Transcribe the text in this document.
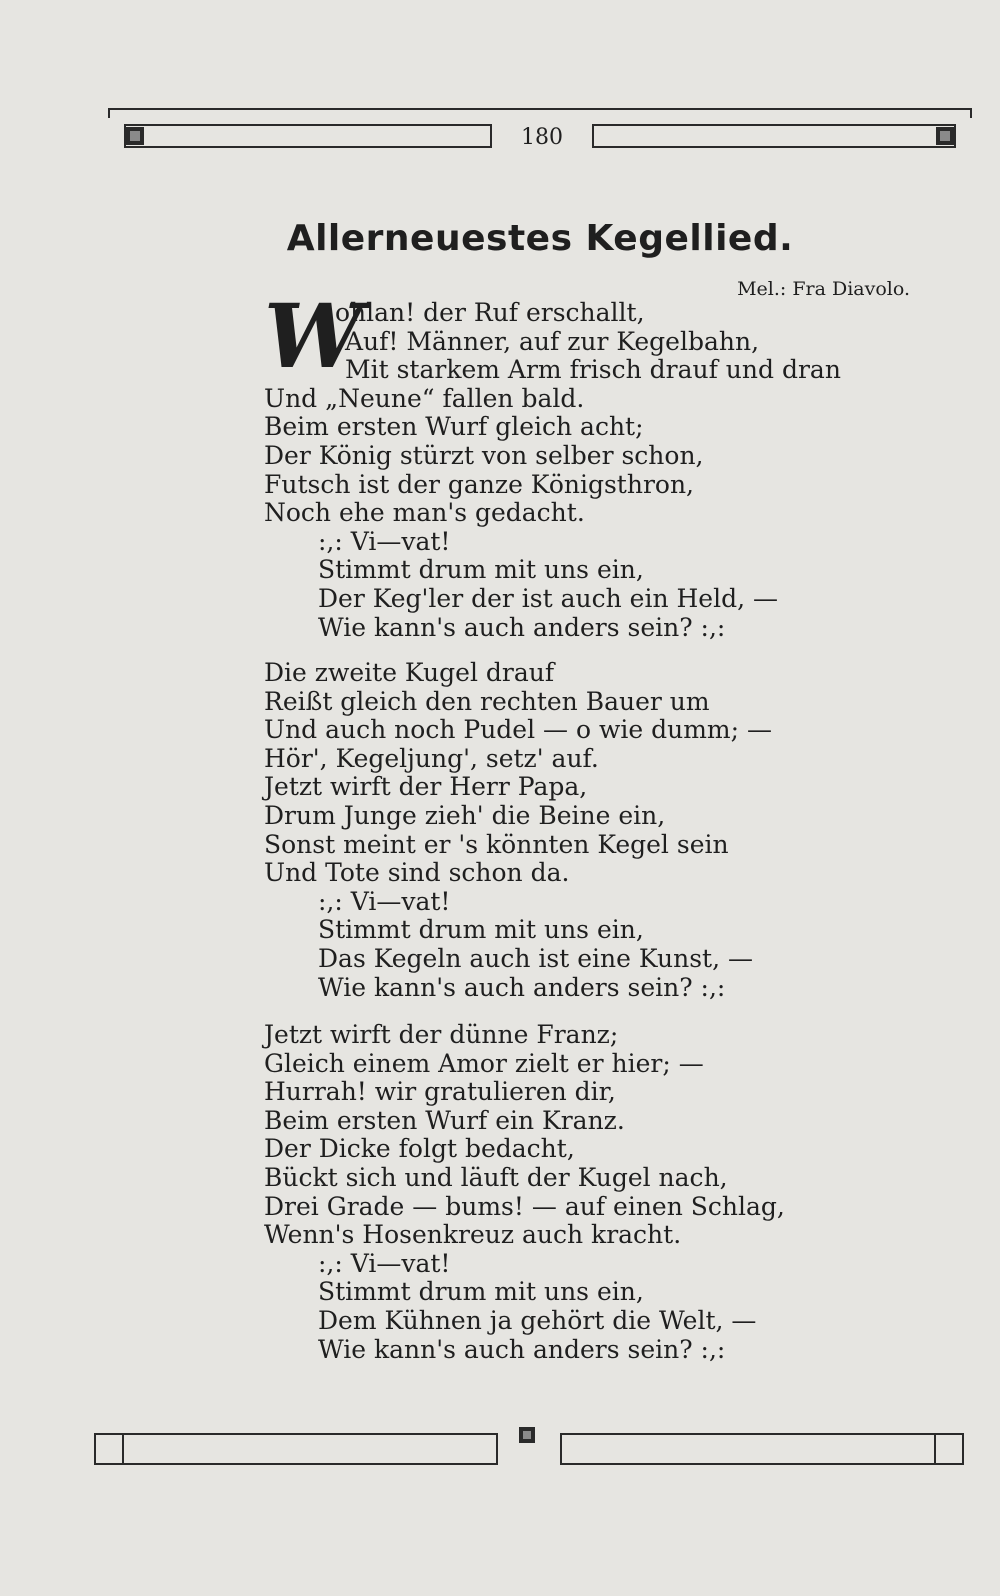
180
Allerneuestes Kegellied.
Mel.: Fra Diavolo.
W
ohlan! der Ruf erschallt,
Auf! Männer, auf zur Kegelbahn,
Mit starkem Arm frisch drauf und dran
Und „Neune“ fallen bald.
Beim ersten Wurf gleich acht;
Der König stürzt von selber schon,
Futsch ist der ganze Königsthron,
Noch ehe man's gedacht.
:,: Vi—vat!
Stimmt drum mit uns ein,
Der Keg'ler der ist auch ein Held, —
Wie kann's auch anders sein? :,:
Die zweite Kugel drauf
Reißt gleich den rechten Bauer um
Und auch noch Pudel — o wie dumm; —
Hör', Kegeljung', setz' auf.
Jetzt wirft der Herr Papa,
Drum Junge zieh' die Beine ein,
Sonst meint er 's könnten Kegel sein
Und Tote sind schon da.
:,: Vi—vat!
Stimmt drum mit uns ein,
Das Kegeln auch ist eine Kunst, —
Wie kann's auch anders sein? :,:
Jetzt wirft der dünne Franz;
Gleich einem Amor zielt er hier; —
Hurrah! wir gratulieren dir,
Beim ersten Wurf ein Kranz.
Der Dicke folgt bedacht,
Bückt sich und läuft der Kugel nach,
Drei Grade — bums! — auf einen Schlag,
Wenn's Hosenkreuz auch kracht.
:,: Vi—vat!
Stimmt drum mit uns ein,
Dem Kühnen ja gehört die Welt, —
Wie kann's auch anders sein? :,:
